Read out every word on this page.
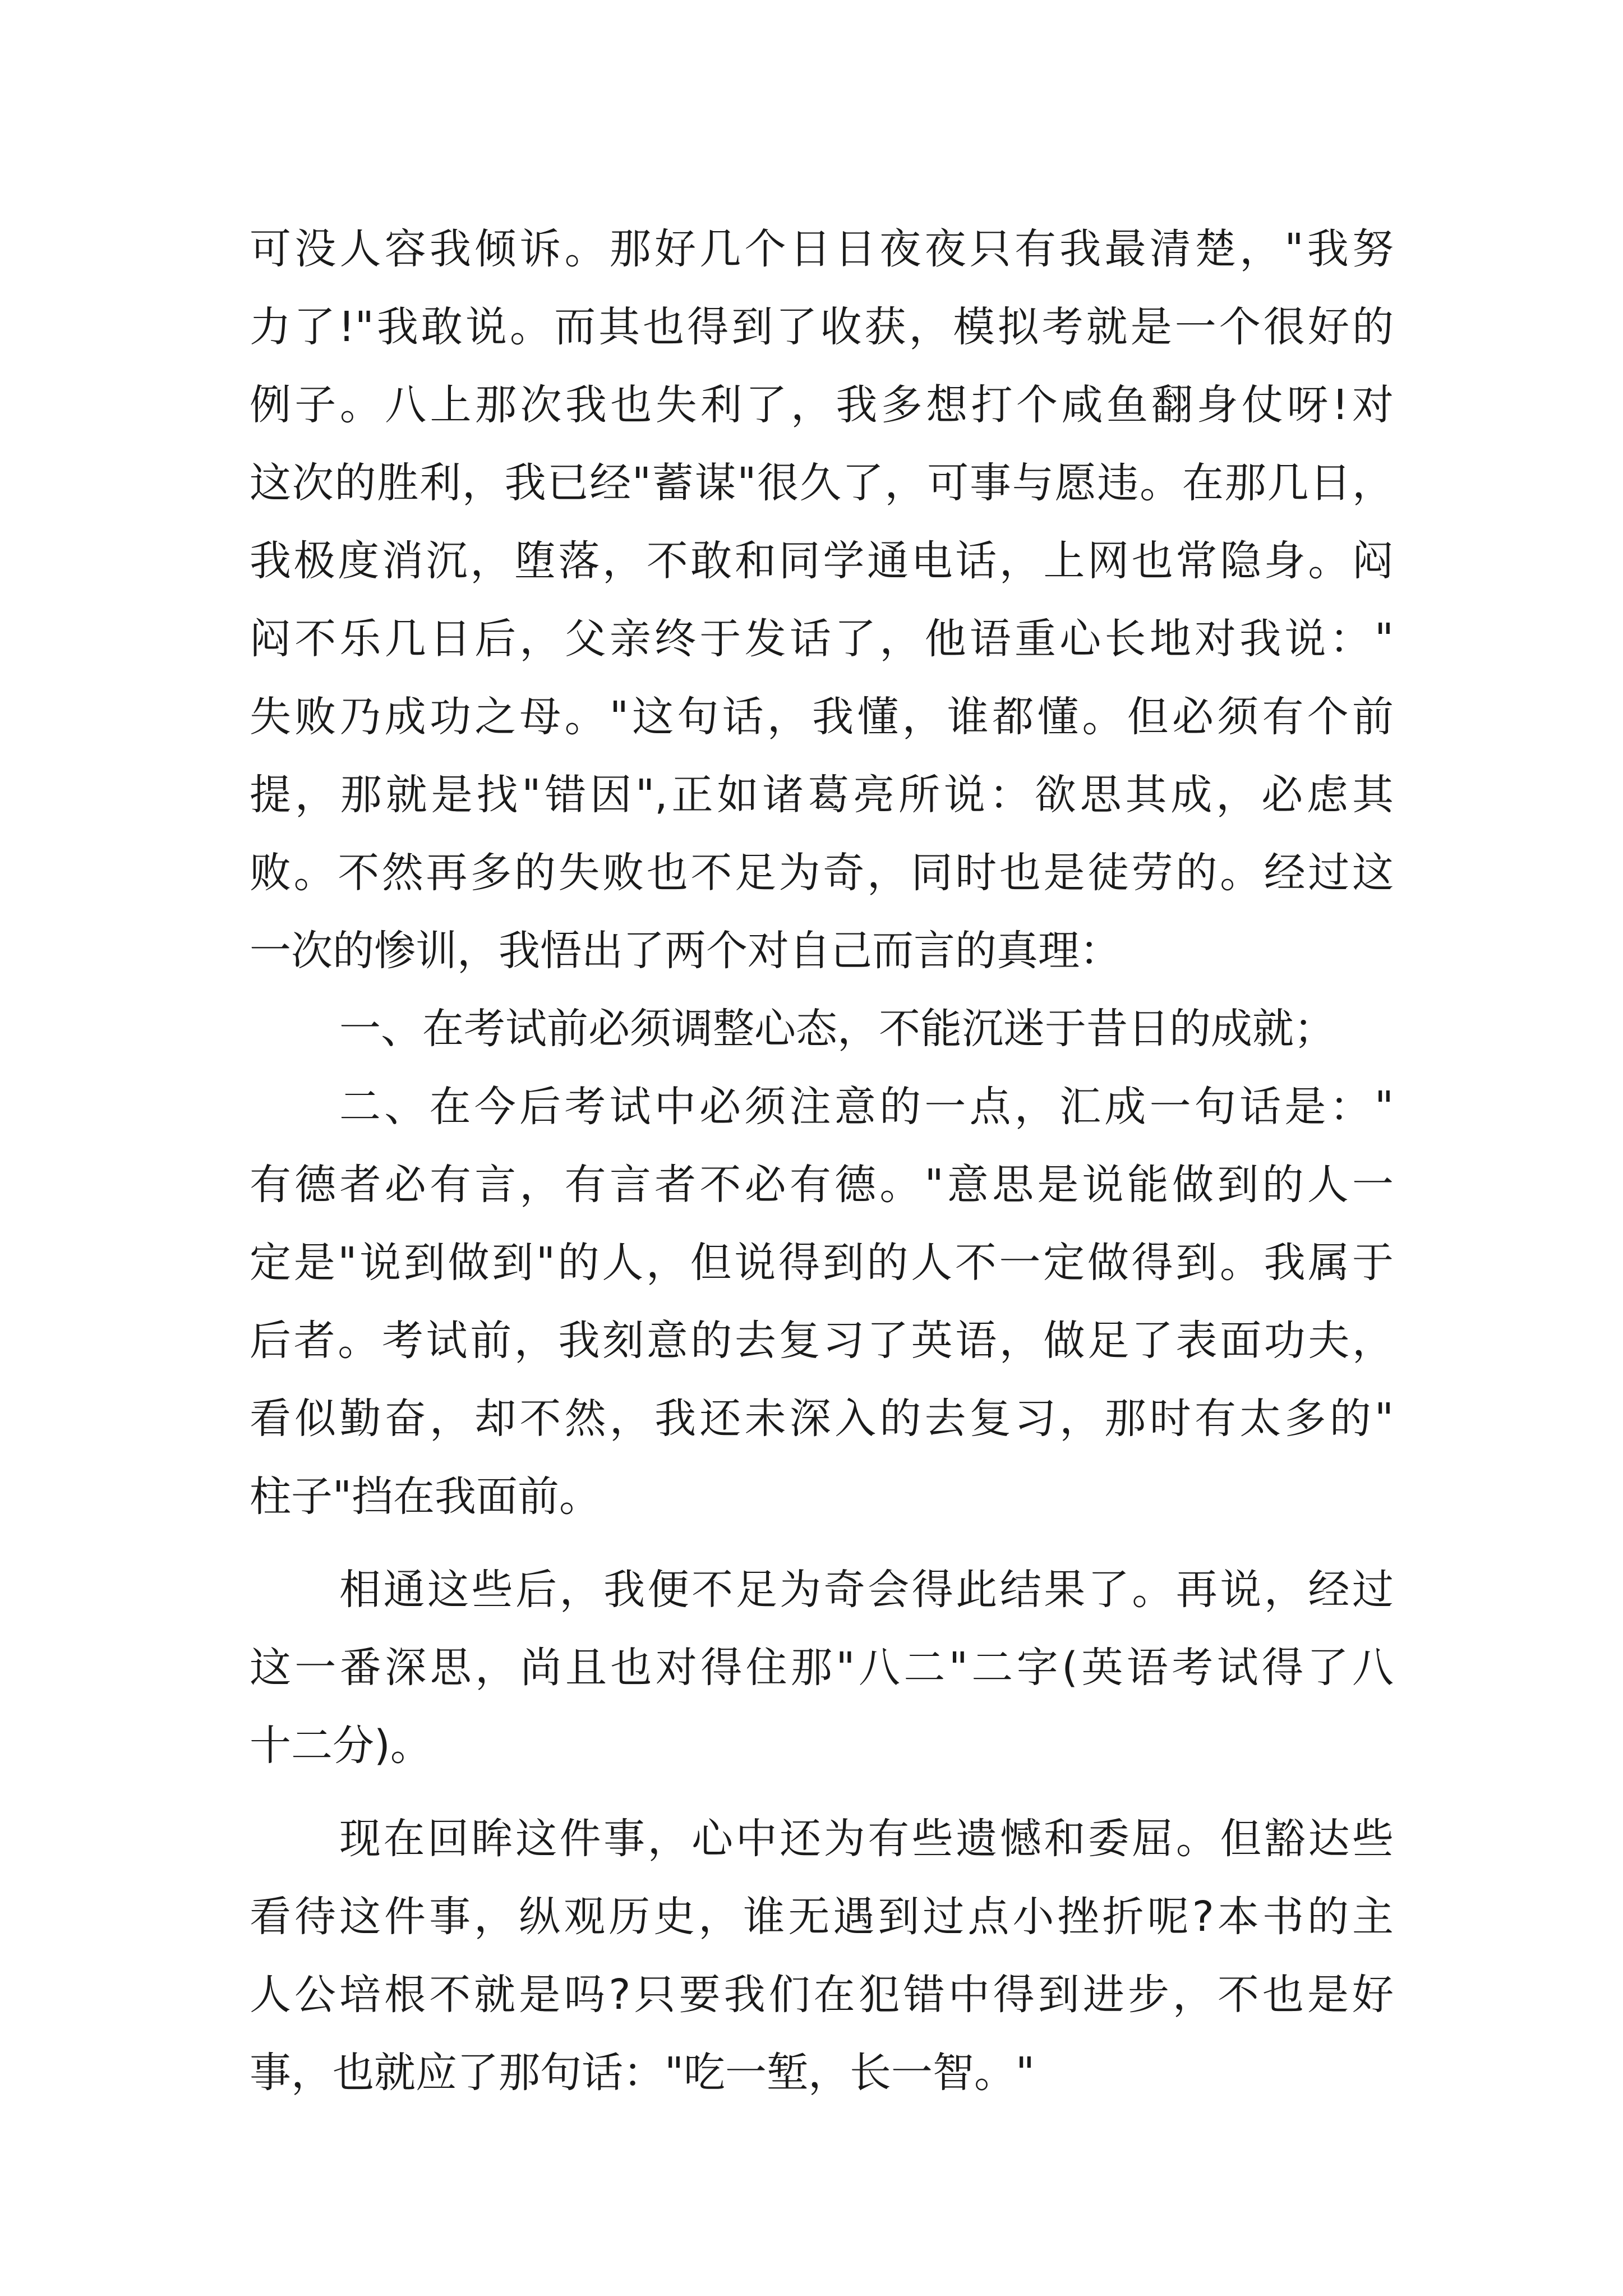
可没人容我倾诉。那好几个日日夜夜只有我最清楚，"我努
力了!"我敢说。而其也得到了收获，模拟考就是一个很好的
例子。八上那次我也失利了，我多想打个咸鱼翻身仗呀!对
这次的胜利，我已经"蓄谋"很久了，可事与愿违。在那几日，
我极度消沉，堕落，不敢和同学通电话，上网也常隐身。闷
闷不乐几日后，父亲终于发话了，他语重心长地对我说："
失败乃成功之母。"这句话，我懂，谁都懂。但必须有个前
提，那就是找"错因",正如诸葛亮所说：欲思其成，必虑其
败。不然再多的失败也不足为奇，同时也是徒劳的。经过这
一次的惨训，我悟出了两个对自己而言的真理：
一、在考试前必须调整心态，不能沉迷于昔日的成就；
二、在今后考试中必须注意的一点，汇成一句话是："
有德者必有言，有言者不必有德。"意思是说能做到的人一
定是"说到做到"的人，但说得到的人不一定做得到。我属于
后者。考试前，我刻意的去复习了英语，做足了表面功夫，
看似勤奋，却不然，我还未深入的去复习，那时有太多的"
柱子"挡在我面前。
相通这些后，我便不足为奇会得此结果了。再说，经过
这一番深思，尚且也对得住那"八二"二字(英语考试得了八
十二分)。
现在回眸这件事，心中还为有些遗憾和委屈。但豁达些
看待这件事，纵观历史，谁无遇到过点小挫折呢?本书的主
人公培根不就是吗?只要我们在犯错中得到进步，不也是好
事，也就应了那句话："吃一堑，长一智。"
